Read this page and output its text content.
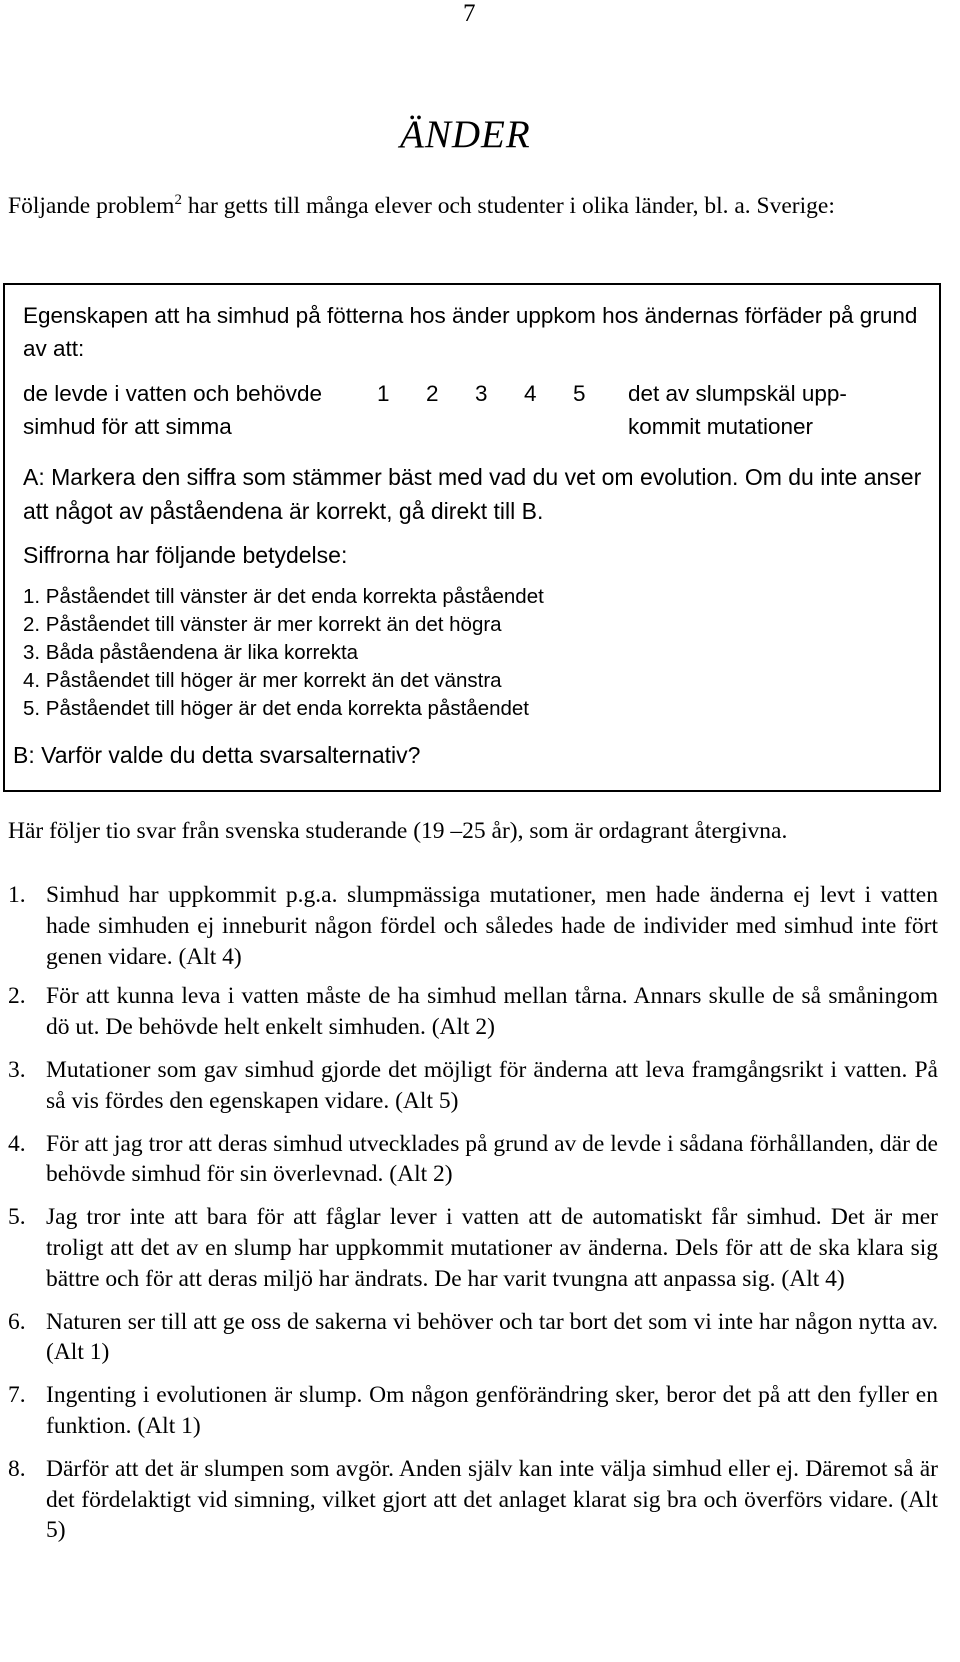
7
ÄNDER
Följande problem$^2$ har getts till många elever och studenter i olika länder, bl. a. Sverige:
Egenskapen att ha simhud på fötterna hos änder uppkom hos ändernas förfäder på grund av att:
de levde i vatten och behövde simhud för att simma
1 2 3 4 5	det av slumpskäl upp-kommit mutationer
A: Markera den siffra som stämmer bäst med vad du vet om evolution. Om du inte anser att något av påståendena är korrekt, gå direkt till B.
Siffrorna har följande betydelse:
1. Påståendet till vänster är det enda korrekta påståendet
2. Påståendet till vänster är mer korrekt än det högra
3. Båda påståendena är lika korrekta
4. Påståendet till höger är mer korrekt än det vänstra
5. Påståendet till höger är det enda korrekta påståendet
B: Varför valde du detta svarsalternativ?
Här följer tio svar från svenska studerande (19 –25 år), som är ordagrant återgivna.
1. Simhud har uppkommit p.g.a. slumpmässiga mutationer, men hade änderna ej levt i vatten hade simhuden ej inneburit någon fördel och således hade de individer med simhud inte fört genen vidare. (Alt 4)
2. För att kunna leva i vatten måste de ha simhud mellan tårna. Annars skulle de så småningom dö ut. De behövde helt enkelt simhuden. (Alt 2)
3. Mutationer som gav simhud gjorde det möjligt för änderna att leva framgångsrikt i vatten. På så vis fördes den egenskapen vidare. (Alt 5)
4. För att jag tror att deras simhud utvecklades på grund av de levde i sådana förhållanden, där de behövde simhud för sin överlevnad. (Alt 2)
5. Jag tror inte att bara för att fåglar lever i vatten att de automatiskt får simhud. Det är mer troligt att det av en slump har uppkommit mutationer av änderna. Dels för att de ska klara sig bättre och för att deras miljö har ändrats. De har varit tvungna att anpassa sig. (Alt 4)
6. Naturen ser till att ge oss de sakerna vi behöver och tar bort det som vi inte har någon nytta av. (Alt 1)
7. Ingenting i evolutionen är slump. Om någon genförändring sker, beror det på att den fyller en funktion. (Alt 1)
8. Därför att det är slumpen som avgör. Anden själv kan inte välja simhud eller ej. Däremot så är det fördelaktigt vid simning, vilket gjort att det anlaget klarat sig bra och överförs vidare. (Alt 5)
